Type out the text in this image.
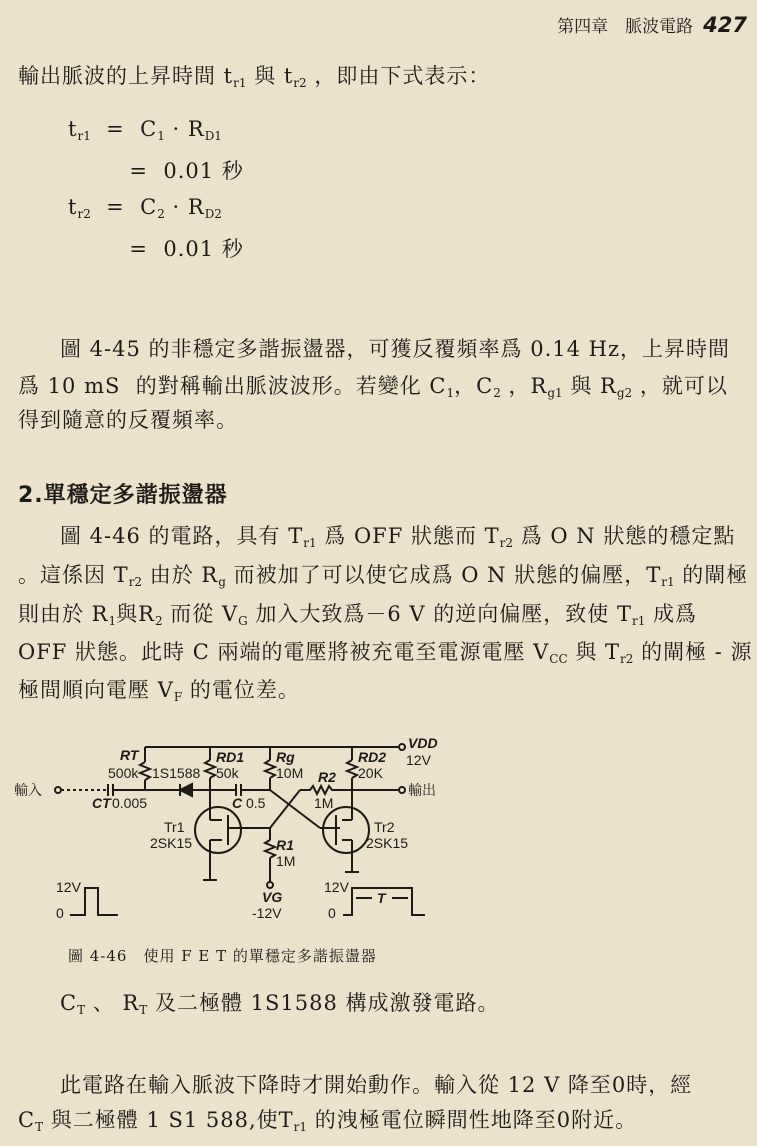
第四章　脈波電路 427
輸出脈波的上昇時間 $t_{r1}$ 與 $t_{r2}$ ，即由下式表示：
$t_{r1} = C_1 \cdot R_{D1}$
=  0.01 秒
$t_{r2} = C_2 \cdot R_{D2}$
=  0.01 秒
圖 4-45 的非穩定多諧振盪器，可獲反覆頻率爲 0.14 Hz，上昇時間
爲 10 mS  的對稱輸出脈波波形。若變化 $C_1$，$C_2$ ，$R_{g1}$ 與 $R_{g2}$ ，就可以
得到隨意的反覆頻率。
2.單穩定多諧振盪器
圖 4-46 的電路，具有 $T_{r1}$ 爲 OFF 狀態而 $T_{r2}$ 爲 O N 狀態的穩定點
。這係因 $T_{r2}$ 由於 $R_g$ 而被加了可以使它成爲 O N 狀態的偏壓，$T_{r1}$ 的閘極
則由於 $R_1$與$R_2$ 而從 $V_G$ 加入大致爲－6 V 的逆向偏壓，致使 $T_{r1}$ 成爲
OFF 狀態。此時 C 兩端的電壓將被充電至電源電壓 $V_{CC}$ 與 $T_{r2}$ 的閘極 - 源
極間順向電壓 $V_F$ 的電位差。
圖 4-46　使用 F E T 的單穩定多諧振盪器
$C_T$ 、 $R_T$ 及二極體 1S1588 構成激發電路。
此電路在輸入脈波下降時才開始動作。輸入從 12 V 降至0時，經
$C_T$ 與二極體 1 S1 588,使$T_{r1}$ 的洩極電位瞬間性地降至0附近。
輸入	輸出
RT
500k
CT 0.005
1S1588
RD1
50k
Rg
10M
RD2
20K
R2
1M
C 0.5
R1
1M
VDD
12V
VG
-12V
Tr1
2SK15
Tr2
2SK15
12V
0
12V
0
T
